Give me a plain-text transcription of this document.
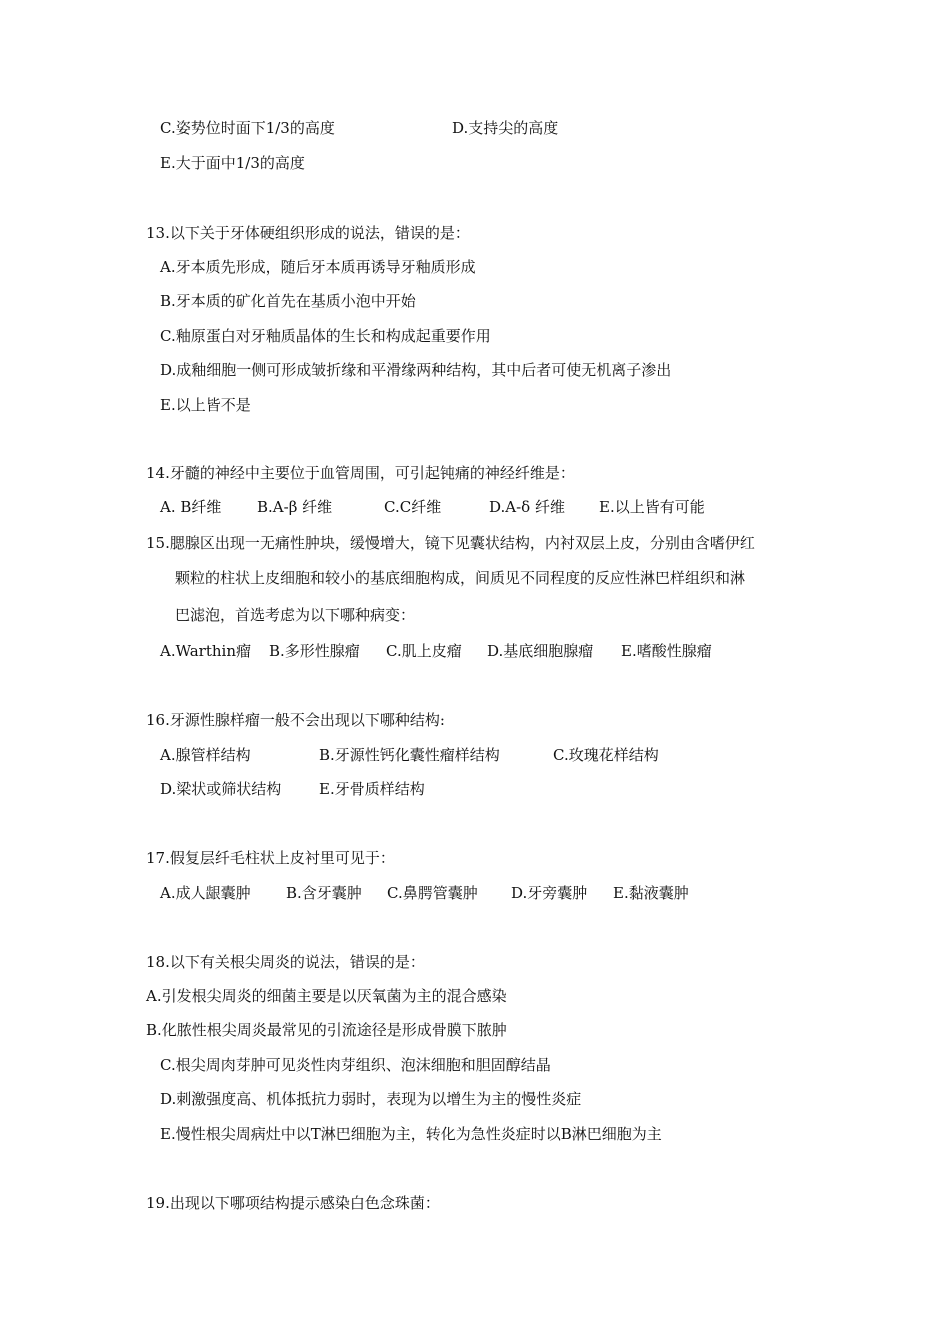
C.姿势位时面下1/3的高度	D.支持尖的高度
E.大于面中1/3的高度
13.以下关于牙体硬组织形成的说法，错误的是：
A.牙本质先形成，随后牙本质再诱导牙釉质形成
B.牙本质的矿化首先在基质小泡中开始
C.釉原蛋白对牙釉质晶体的生长和构成起重要作用
D.成釉细胞一侧可形成皱折缘和平滑缘两种结构，其中后者可使无机离子渗出
E.以上皆不是
14.牙髓的神经中主要位于血管周围，可引起钝痛的神经纤维是：
A. B纤维 B.A-β 纤维	C.C纤维	D.A-δ 纤维 E.以上皆有可能
15.腮腺区出现一无痛性肿块，缓慢增大，镜下见囊状结构，内衬双层上皮，分别由含嗜伊红
颗粒的柱状上皮细胞和较小的基底细胞构成，间质见不同程度的反应性淋巴样组织和淋
巴滤泡，首选考虑为以下哪种病变：
A.Warthin瘤 B.多形性腺瘤 C.肌上皮瘤 D.基底细胞腺瘤 E.嗜酸性腺瘤
16.牙源性腺样瘤一般不会出现以下哪种结构:
A.腺管样结构	B.牙源性钙化囊性瘤样结构	C.玫瑰花样结构
D.梁状或筛状结构	E.牙骨质样结构
17.假复层纤毛柱状上皮衬里可见于：
A.成人龈囊肿 B.含牙囊肿 C.鼻腭管囊肿 D.牙旁囊肿 E.黏液囊肿
18.以下有关根尖周炎的说法，错误的是：
A.引发根尖周炎的细菌主要是以厌氧菌为主的混合感染
B.化脓性根尖周炎最常见的引流途径是形成骨膜下脓肿
C.根尖周肉芽肿可见炎性肉芽组织、泡沫细胞和胆固醇结晶
D.刺激强度高、机体抵抗力弱时，表现为以增生为主的慢性炎症
E.慢性根尖周病灶中以T淋巴细胞为主，转化为急性炎症时以B淋巴细胞为主
19.出现以下哪项结构提示感染白色念珠菌：
